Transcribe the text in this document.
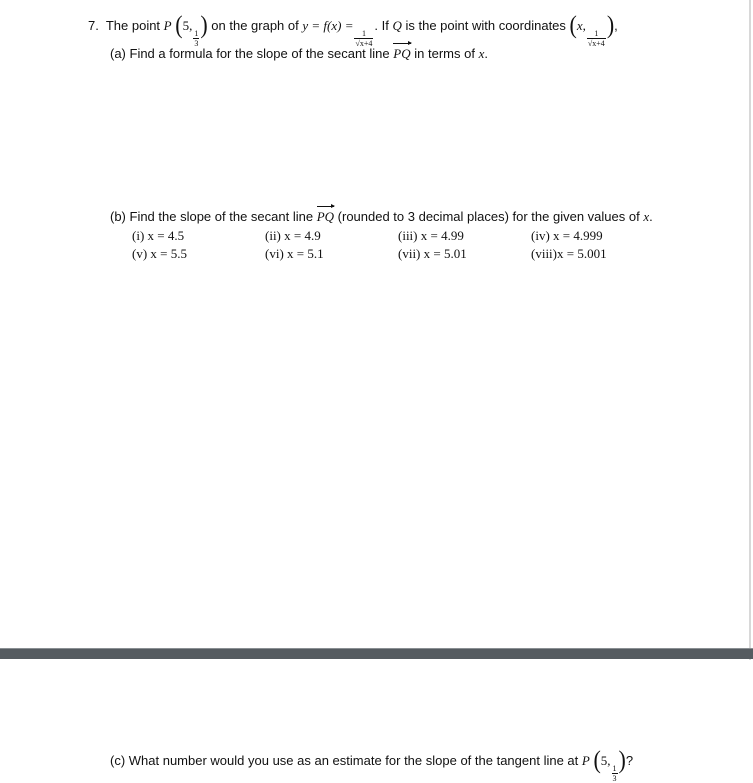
7. The point P (5,
$\frac{1}{3}$ ) on the graph of y = f(x) =
$\frac{1}{√x+4}$
. If Q is the point with coordinates (x,
$\frac{1}{√x+4}$ ),
(a) Find a formula for the slope of the secant line PQ in terms of x.
(b) Find the slope of the secant line PQ (rounded to 3 decimal places) for the given values of x.
(i) x = 4.5	(ii) x = 4.9	(iii) x = 4.99	(iv) x = 4.999
(v) x = 5.5	(vi) x = 5.1	(vii) x = 5.01	(viii)x = 5.001
(c) What number would you use as an estimate for the slope of the tangent line at P (5,
$\frac{1}{3}$ )?
